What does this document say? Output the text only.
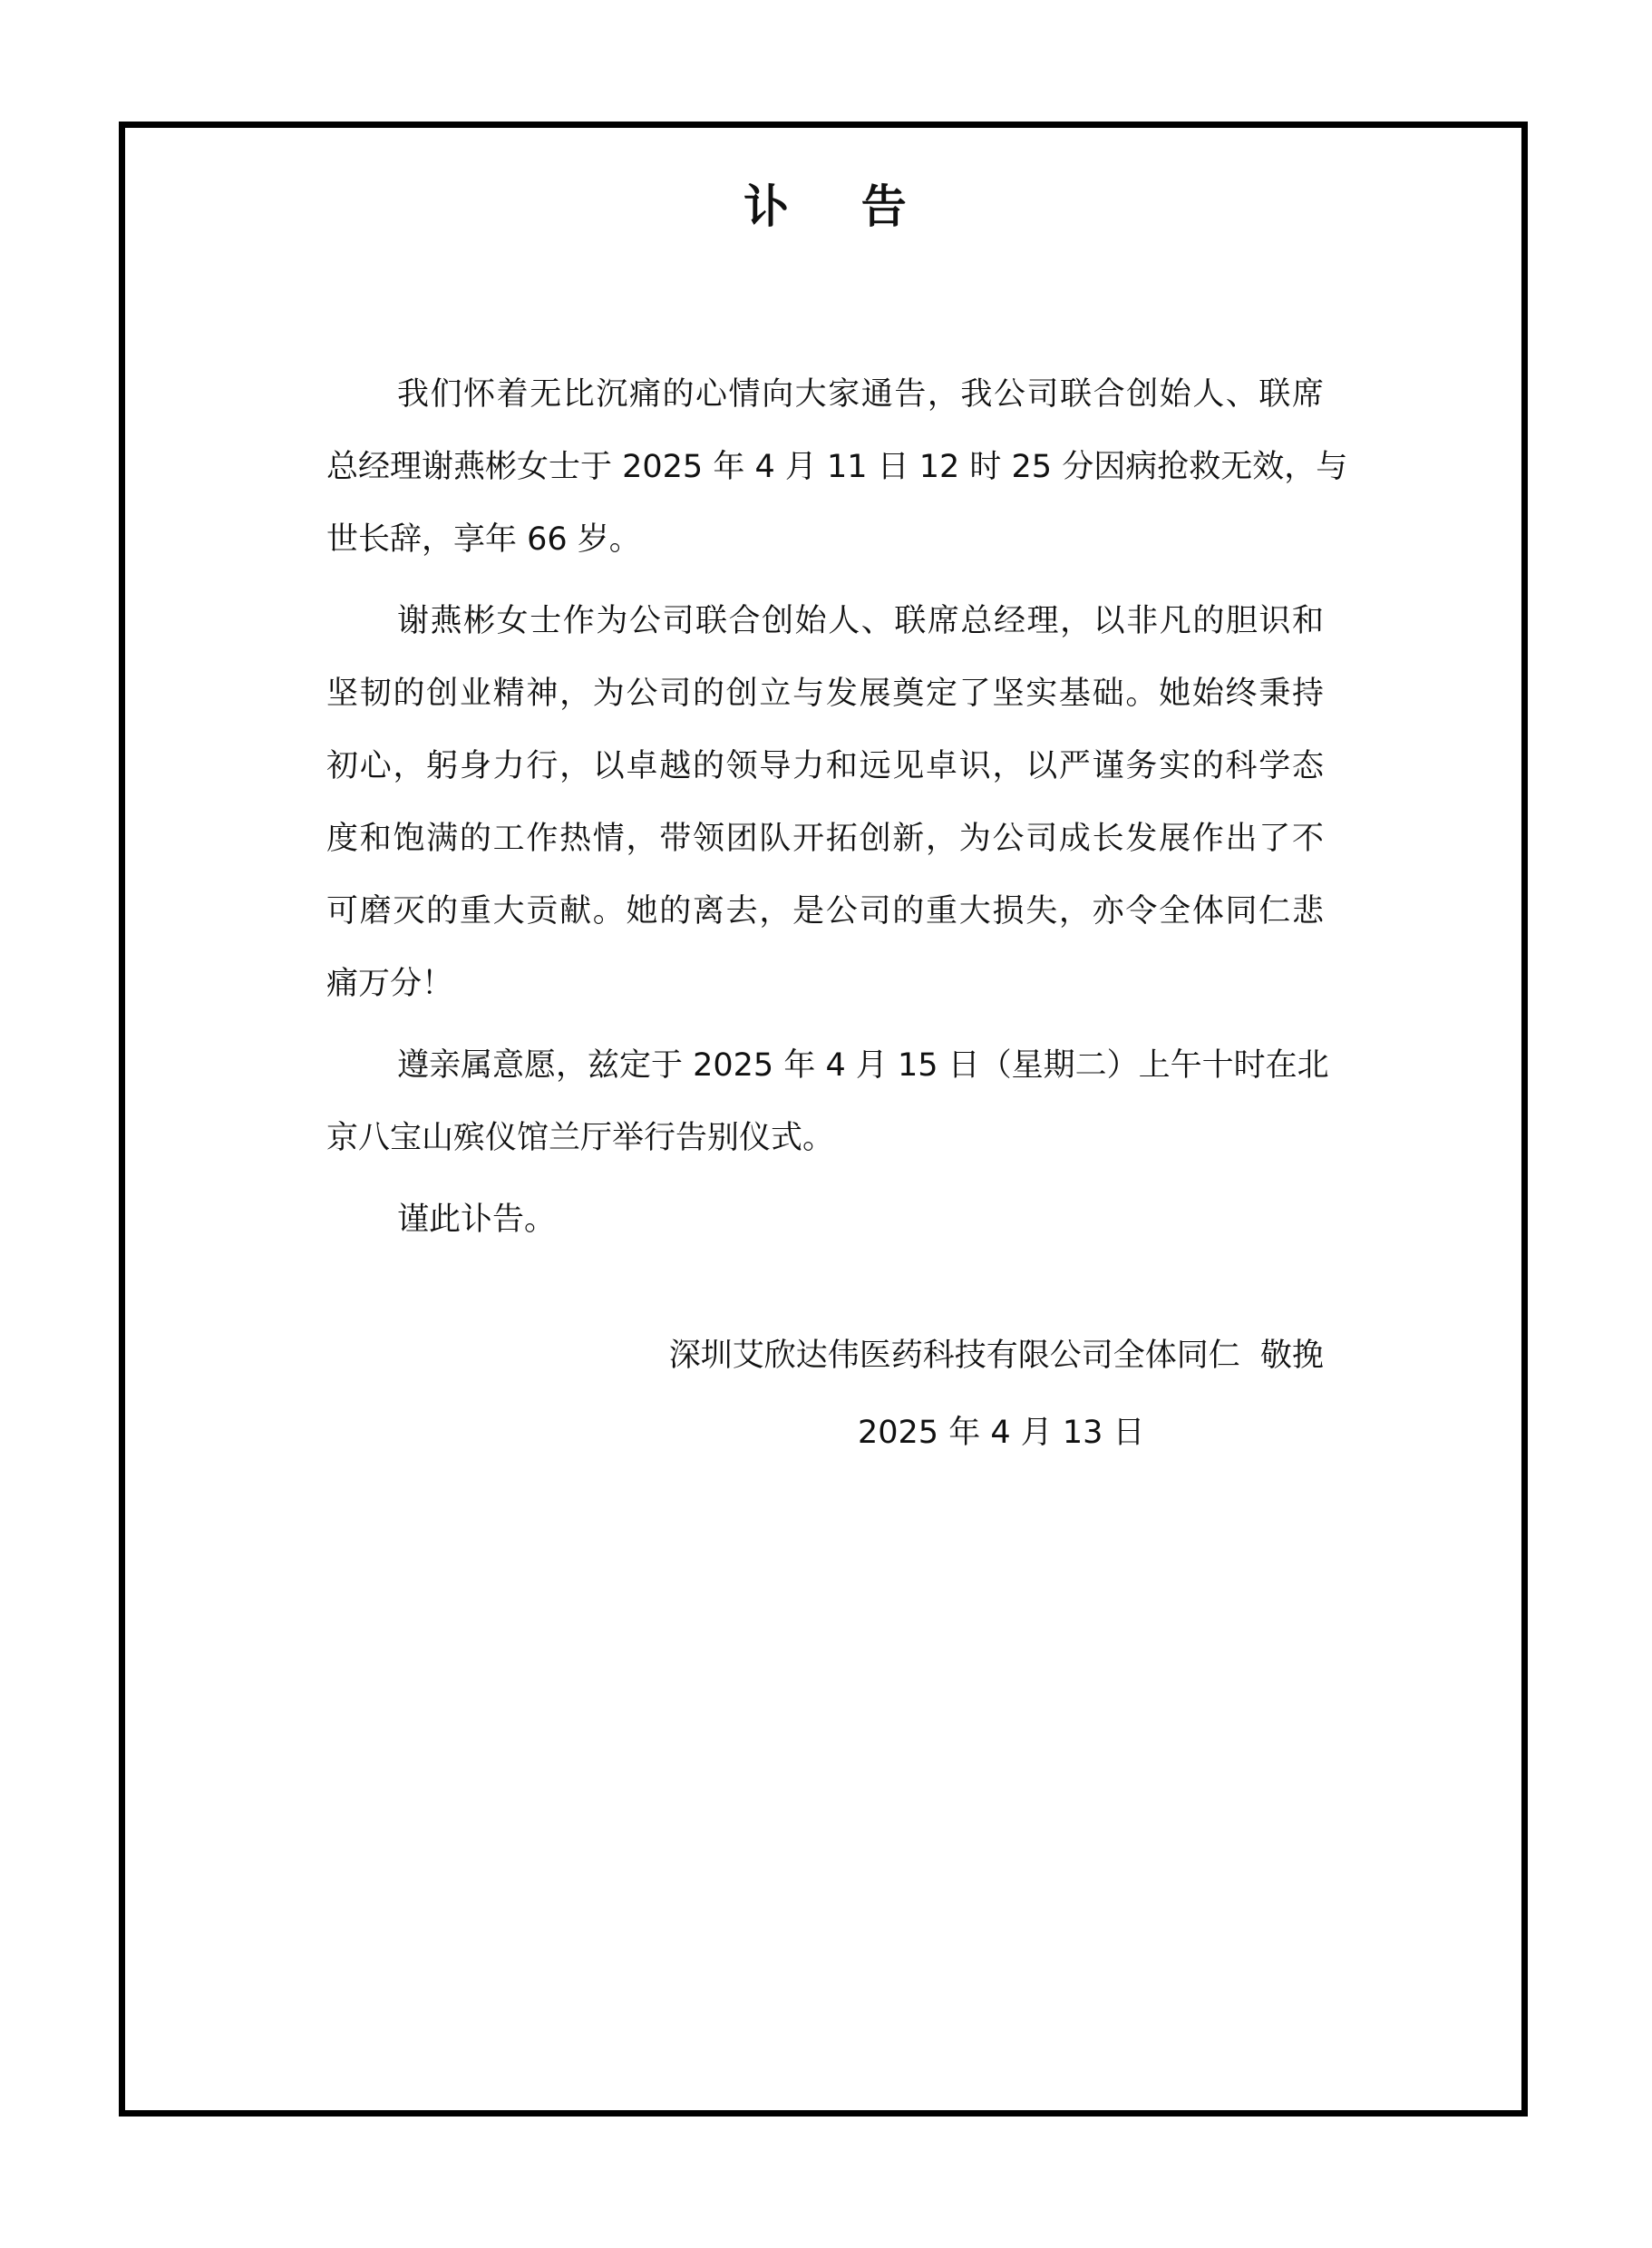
讣    告
我们怀着无比沉痛的心情向大家通告，我公司联合创始人、联席
总经理谢燕彬女士于 2025 年 4 月 11 日 12 时 25 分因病抢救无效，与
世长辞，享年 66 岁。
谢燕彬女士作为公司联合创始人、联席总经理，以非凡的胆识和
坚韧的创业精神，为公司的创立与发展奠定了坚实基础。她始终秉持
初心，躬身力行，以卓越的领导力和远见卓识，以严谨务实的科学态
度和饱满的工作热情，带领团队开拓创新，为公司成长发展作出了不
可磨灭的重大贡献。她的离去，是公司的重大损失，亦令全体同仁悲
痛万分！
遵亲属意愿，兹定于 2025 年 4 月 15 日（星期二）上午十时在北
京八宝山殡仪馆兰厅举行告别仪式。
谨此讣告。
深圳艾欣达伟医药科技有限公司全体同仁  敬挽
2025 年 4 月 13 日
